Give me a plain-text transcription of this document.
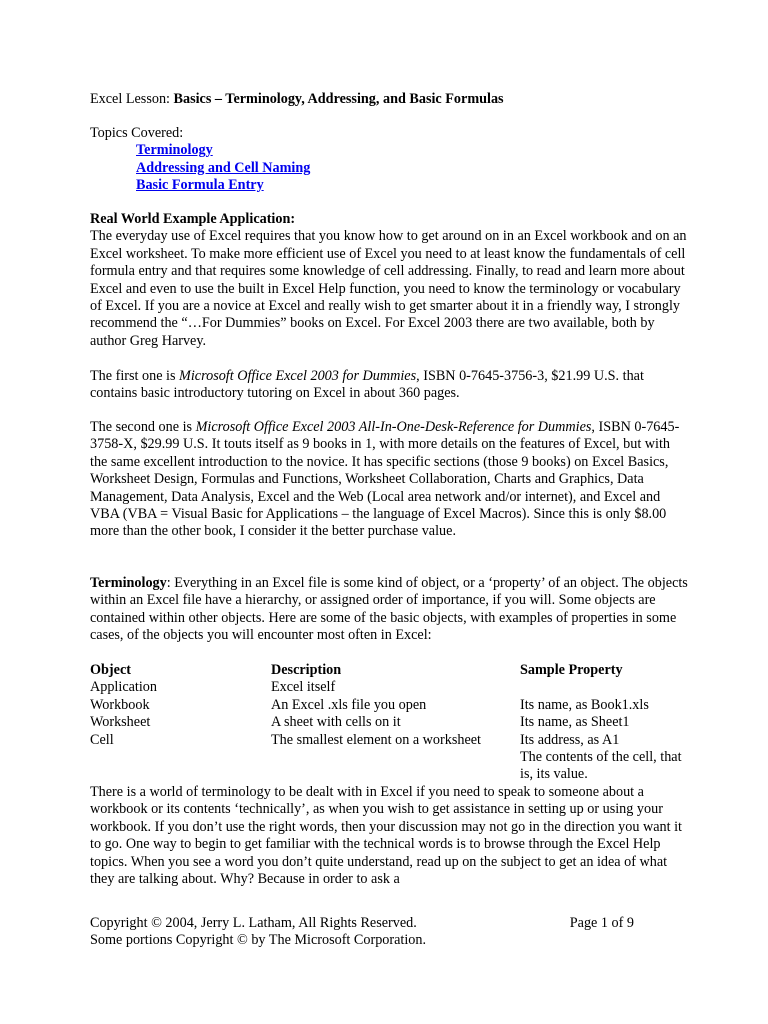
Excel Lesson: Basics – Terminology, Addressing, and Basic Formulas
Topics Covered:
Terminology
Addressing and Cell Naming
Basic Formula Entry
Real World Example Application:

The everyday use of Excel requires that you know how to get around on in an Excel workbook and on an Excel worksheet. To make more efficient use of Excel you need to at least know the fundamentals of cell formula entry and that requires some knowledge of cell addressing. Finally, to read and learn more about Excel and even to use the built in Excel Help function, you need to know the terminology or vocabulary of Excel. If you are a novice at Excel and really wish to get smarter about it in a friendly way, I strongly recommend the “…For Dummies” books on Excel. For Excel 2003 there are two available, both by author Greg Harvey.

The first one is Microsoft Office Excel 2003 for Dummies, ISBN 0-7645-3756-3, $21.99 U.S. that contains basic introductory tutoring on Excel in about 360 pages.

The second one is Microsoft Office Excel 2003 All-In-One-Desk-Reference for Dummies, ISBN 0-7645-3758-X, $29.99 U.S. It touts itself as 9 books in 1, with more details on the features of Excel, but with the same excellent introduction to the novice. It has specific sections (those 9 books) on Excel Basics, Worksheet Design, Formulas and Functions, Worksheet Collaboration, Charts and Graphics, Data Management, Data Analysis, Excel and the Web (Local area network and/or internet), and Excel and VBA (VBA = Visual Basic for Applications – the language of Excel Macros). Since this is only $8.00 more than the other book, I consider it the better purchase value.

Terminology: Everything in an Excel file is some kind of object, or a ‘property’ of an object. The objects within an Excel file have a hierarchy, or assigned order of importance, if you will. Some objects are contained within other objects. Here are some of the basic objects, with examples of properties in some cases, of the objects you will encounter most often in Excel:

Object	Description	Sample Property
Application	Excel itself	
Workbook	An Excel .xls file you open	Its name, as Book1.xls
Worksheet	A sheet with cells on it	Its name, as Sheet1
Cell	The smallest element on a worksheet	Its address, as A1
		The contents of the cell, that is, its value.

There is a world of terminology to be dealt with in Excel if you need to speak to someone about a workbook or its contents ‘technically’, as when you wish to get assistance in setting up or using your workbook. If you don’t use the right words, then your discussion may not go in the direction you want it to go. One way to begin to get familiar with the technical words is to browse through the Excel Help topics. When you see a word you don’t quite understand, read up on the subject to get an idea of what they are talking about. Why? Because in order to ask a

Copyright © 2004, Jerry L. Latham, All Rights Reserved.	Page 1 of 9
Some portions Copyright © by The Microsoft Corporation.
